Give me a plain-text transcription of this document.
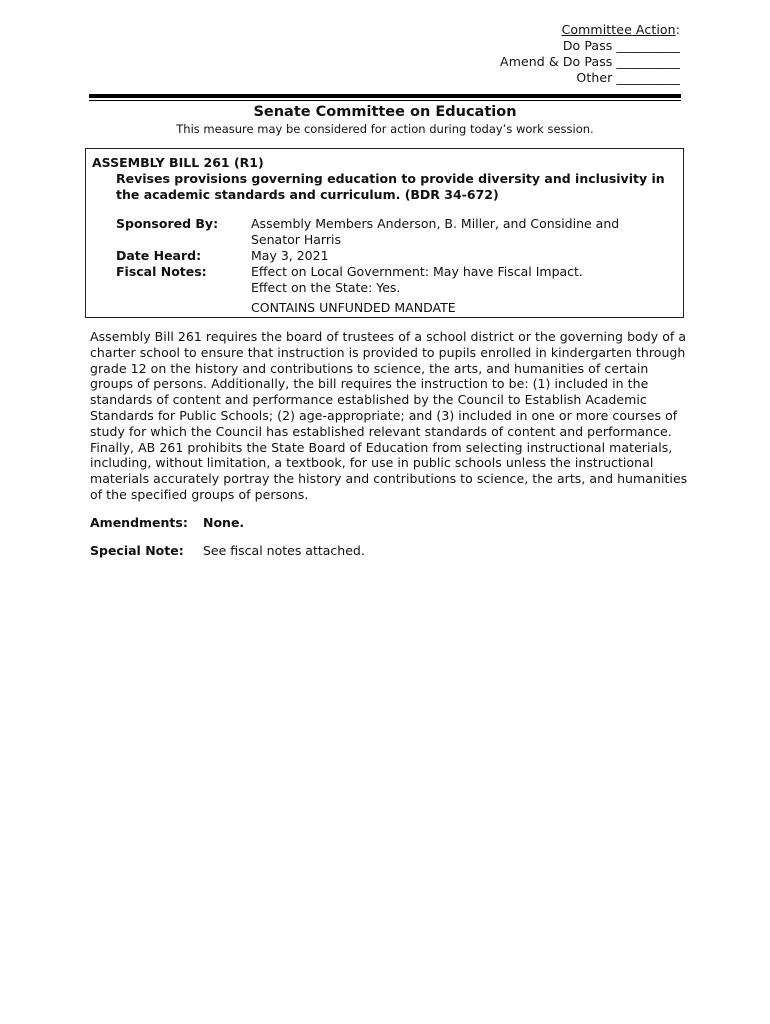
Committee Action:
Do Pass __________
Amend & Do Pass __________
Other __________
Senate Committee on Education
This measure may be considered for action during today’s work session.
ASSEMBLY BILL 261 (R1)
Revises provisions governing education to provide diversity and inclusivity in the academic standards and curriculum. (BDR 34-672)
Sponsored By:	Assembly Members Anderson, B. Miller, and Considine and
Senator Harris
Date Heard:	May 3, 2021
Fiscal Notes:	Effect on Local Government: May have Fiscal Impact.
Effect on the State: Yes.
CONTAINS UNFUNDED MANDATE
Assembly Bill 261 requires the board of trustees of a school district or the governing body of a charter school to ensure that instruction is provided to pupils enrolled in kindergarten through grade 12 on the history and contributions to science, the arts, and humanities of certain groups of persons. Additionally, the bill requires the instruction to be: (1) included in the standards of content and performance established by the Council to Establish Academic Standards for Public Schools; (2) age-appropriate; and (3) included in one or more courses of study for which the Council has established relevant standards of content and performance. Finally, AB 261 prohibits the State Board of Education from selecting instructional materials, including, without limitation, a textbook, for use in public schools unless the instructional materials accurately portray the history and contributions to science, the arts, and humanities of the specified groups of persons.
Amendments: None.
Special Note: See fiscal notes attached.
